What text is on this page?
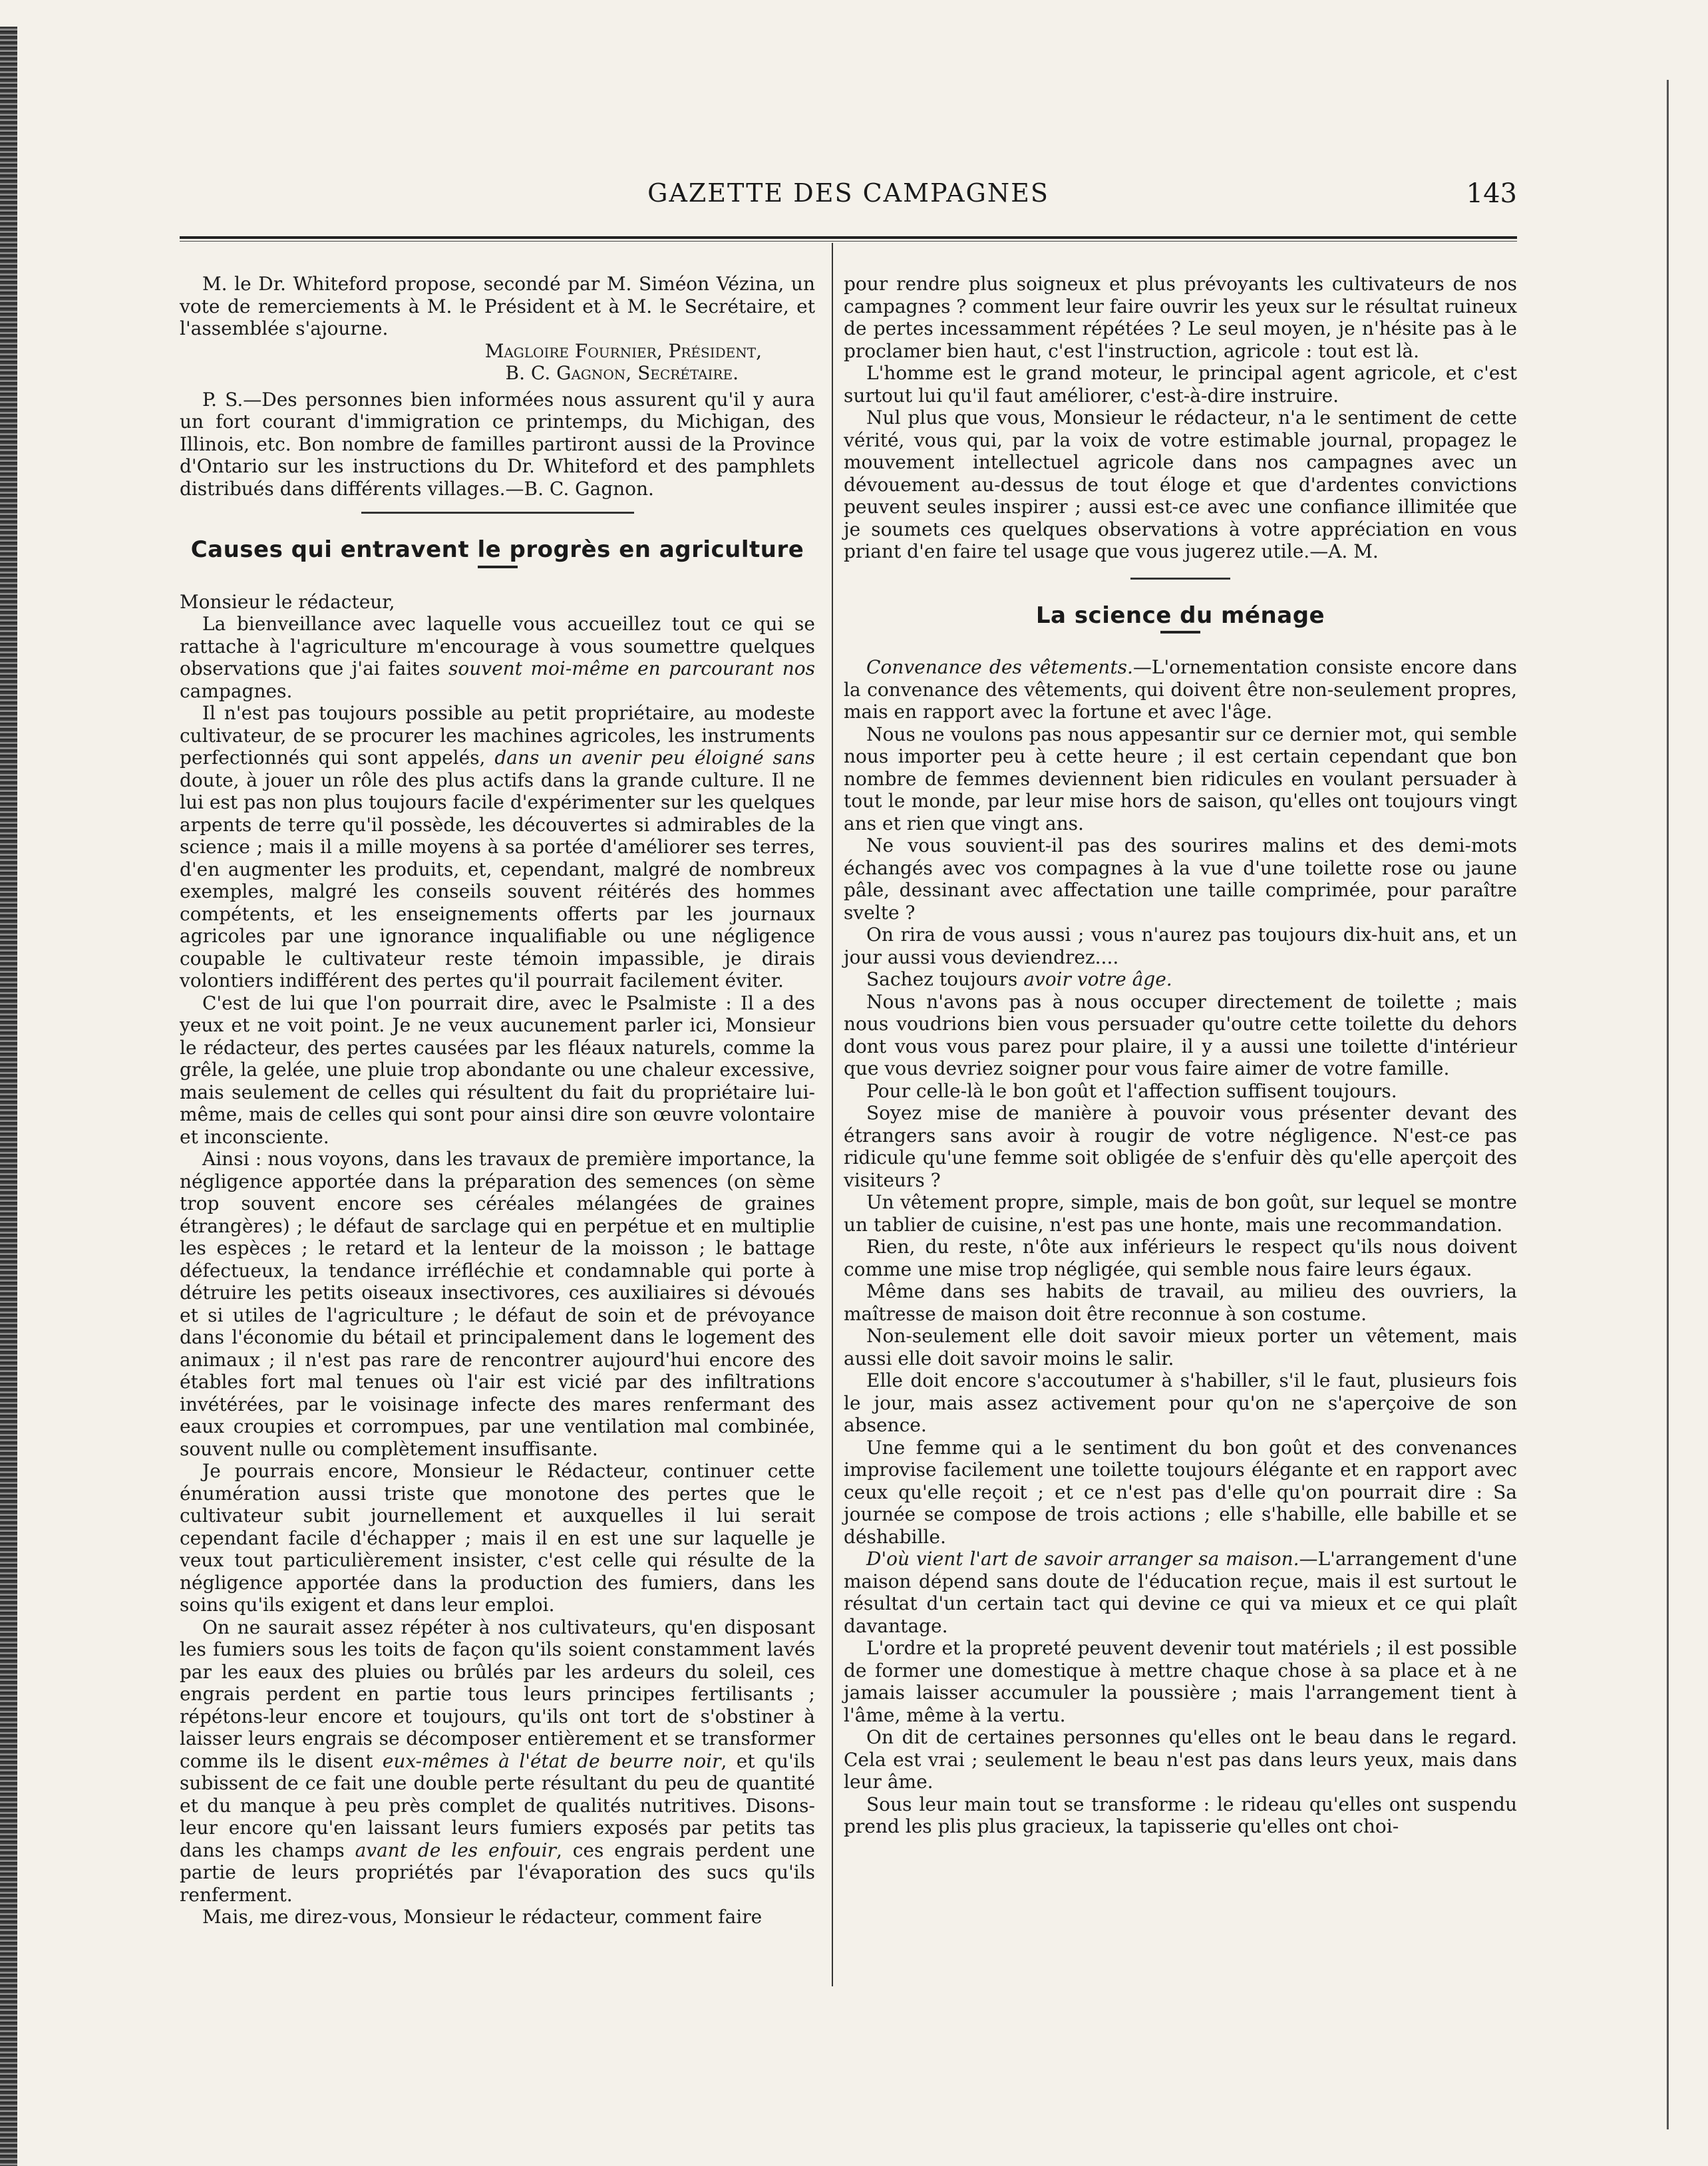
GAZETTE DES CAMPAGNES	143

M. le Dr. Whiteford propose, secondé par M. Siméon Vézina, un vote de remerciements à M. le Président et à M. le Secrétaire, et l'assemblée s'ajourne.

Magloire Fournier, Président,

B. C. Gagnon, Secrétaire.

P. S.—Des personnes bien informées nous assurent qu'il y aura un fort courant d'immigration ce printemps, du Michigan, des Illinois, etc. Bon nombre de familles partiront aussi de la Province d'Ontario sur les instructions du Dr. Whiteford et des pamphlets distribués dans différents villages.—B. C. Gagnon.

Causes qui entravent le progrès en agriculture

Monsieur le rédacteur,

La bienveillance avec laquelle vous accueillez tout ce qui se rattache à l'agriculture m'encourage à vous soumettre quelques observations que j'ai faites souvent moi-même en parcourant nos campagnes.

Il n'est pas toujours possible au petit propriétaire, au modeste cultivateur, de se procurer les machines agricoles, les instruments perfectionnés qui sont appelés, dans un avenir peu éloigné sans doute, à jouer un rôle des plus actifs dans la grande culture. Il ne lui est pas non plus toujours facile d'expérimenter sur les quelques arpents de terre qu'il possède, les découvertes si admirables de la science ; mais il a mille moyens à sa portée d'améliorer ses terres, d'en augmenter les produits, et, cependant, malgré de nombreux exemples, malgré les conseils souvent réitérés des hommes compétents, et les enseignements offerts par les journaux agricoles par une ignorance inqualifiable ou une négligence coupable le cultivateur reste témoin impassible, je dirais volontiers indifférent des pertes qu'il pourrait facilement éviter.

C'est de lui que l'on pourrait dire, avec le Psalmiste : Il a des yeux et ne voit point. Je ne veux aucunement parler ici, Monsieur le rédacteur, des pertes causées par les fléaux naturels, comme la grêle, la gelée, une pluie trop abondante ou une chaleur excessive, mais seulement de celles qui résultent du fait du propriétaire lui-même, mais de celles qui sont pour ainsi dire son œuvre volontaire et inconsciente.

Ainsi : nous voyons, dans les travaux de première importance, la négligence apportée dans la préparation des semences (on sème trop souvent encore ses céréales mélangées de graines étrangères) ; le défaut de sarclage qui en perpétue et en multiplie les espèces ; le retard et la lenteur de la moisson ; le battage défectueux, la tendance irréfléchie et condamnable qui porte à détruire les petits oiseaux insectivores, ces auxiliaires si dévoués et si utiles de l'agriculture ; le défaut de soin et de prévoyance dans l'économie du bétail et principalement dans le logement des animaux ; il n'est pas rare de rencontrer aujourd'hui encore des étables fort mal tenues où l'air est vicié par des infiltrations invétérées, par le voisinage infecte des mares renfermant des eaux croupies et corrompues, par une ventilation mal combinée, souvent nulle ou complètement insuffisante.

Je pourrais encore, Monsieur le Rédacteur, continuer cette énumération aussi triste que monotone des pertes que le cultivateur subit journellement et auxquelles il lui serait cependant facile d'échapper ; mais il en est une sur laquelle je veux tout particulièrement insister, c'est celle qui résulte de la négligence apportée dans la production des fumiers, dans les soins qu'ils exigent et dans leur emploi.

On ne saurait assez répéter à nos cultivateurs, qu'en disposant les fumiers sous les toits de façon qu'ils soient constamment lavés par les eaux des pluies ou brûlés par les ardeurs du soleil, ces engrais perdent en partie tous leurs principes fertilisants ; répétons-leur encore et toujours, qu'ils ont tort de s'obstiner à laisser leurs engrais se décomposer entièrement et se transformer comme ils le disent eux-mêmes à l'état de beurre noir, et qu'ils subissent de ce fait une double perte résultant du peu de quantité et du manque à peu près complet de qualités nutritives. Disons-leur encore qu'en laissant leurs fumiers exposés par petits tas dans les champs avant de les enfouir, ces engrais perdent une partie de leurs propriétés par l'évaporation des sucs qu'ils renferment.

Mais, me direz-vous, Monsieur le rédacteur, comment faire

pour rendre plus soigneux et plus prévoyants les cultivateurs de nos campagnes ? comment leur faire ouvrir les yeux sur le résultat ruineux de pertes incessamment répétées ? Le seul moyen, je n'hésite pas à le proclamer bien haut, c'est l'instruction, agricole : tout est là.

L'homme est le grand moteur, le principal agent agricole, et c'est surtout lui qu'il faut améliorer, c'est-à-dire instruire.

Nul plus que vous, Monsieur le rédacteur, n'a le sentiment de cette vérité, vous qui, par la voix de votre estimable journal, propagez le mouvement intellectuel agricole dans nos campagnes avec un dévouement au-dessus de tout éloge et que d'ardentes convictions peuvent seules inspirer ; aussi est-ce avec une confiance illimitée que je soumets ces quelques observations à votre appréciation en vous priant d'en faire tel usage que vous jugerez utile.—A. M.

La science du ménage

Convenance des vêtements.—L'ornementation consiste encore dans la convenance des vêtements, qui doivent être non-seulement propres, mais en rapport avec la fortune et avec l'âge.

Nous ne voulons pas nous appesantir sur ce dernier mot, qui semble nous importer peu à cette heure ; il est certain cependant que bon nombre de femmes deviennent bien ridicules en voulant persuader à tout le monde, par leur mise hors de saison, qu'elles ont toujours vingt ans et rien que vingt ans.

Ne vous souvient-il pas des sourires malins et des demi-mots échangés avec vos compagnes à la vue d'une toilette rose ou jaune pâle, dessinant avec affectation une taille comprimée, pour paraître svelte ?

On rira de vous aussi ; vous n'aurez pas toujours dix-huit ans, et un jour aussi vous deviendrez....

Sachez toujours avoir votre âge.

Nous n'avons pas à nous occuper directement de toilette ; mais nous voudrions bien vous persuader qu'outre cette toilette du dehors dont vous vous parez pour plaire, il y a aussi une toilette d'intérieur que vous devriez soigner pour vous faire aimer de votre famille.

Pour celle-là le bon goût et l'affection suffisent toujours.

Soyez mise de manière à pouvoir vous présenter devant des étrangers sans avoir à rougir de votre négligence. N'est-ce pas ridicule qu'une femme soit obligée de s'enfuir dès qu'elle aperçoit des visiteurs ?

Un vêtement propre, simple, mais de bon goût, sur lequel se montre un tablier de cuisine, n'est pas une honte, mais une recommandation.

Rien, du reste, n'ôte aux inférieurs le respect qu'ils nous doivent comme une mise trop négligée, qui semble nous faire leurs égaux.

Même dans ses habits de travail, au milieu des ouvriers, la maîtresse de maison doit être reconnue à son costume.

Non-seulement elle doit savoir mieux porter un vêtement, mais aussi elle doit savoir moins le salir.

Elle doit encore s'accoutumer à s'habiller, s'il le faut, plusieurs fois le jour, mais assez activement pour qu'on ne s'aperçoive de son absence.

Une femme qui a le sentiment du bon goût et des convenances improvise facilement une toilette toujours élégante et en rapport avec ceux qu'elle reçoit ; et ce n'est pas d'elle qu'on pourrait dire : Sa journée se compose de trois actions ; elle s'habille, elle babille et se déshabille.

D'où vient l'art de savoir arranger sa maison.—L'arrangement d'une maison dépend sans doute de l'éducation reçue, mais il est surtout le résultat d'un certain tact qui devine ce qui va mieux et ce qui plaît davantage.

L'ordre et la propreté peuvent devenir tout matériels ; il est possible de former une domestique à mettre chaque chose à sa place et à ne jamais laisser accumuler la poussière ; mais l'arrangement tient à l'âme, même à la vertu.

On dit de certaines personnes qu'elles ont le beau dans le regard. Cela est vrai ; seulement le beau n'est pas dans leurs yeux, mais dans leur âme.

Sous leur main tout se transforme : le rideau qu'elles ont suspendu prend les plis plus gracieux, la tapisserie qu'elles ont choi-
